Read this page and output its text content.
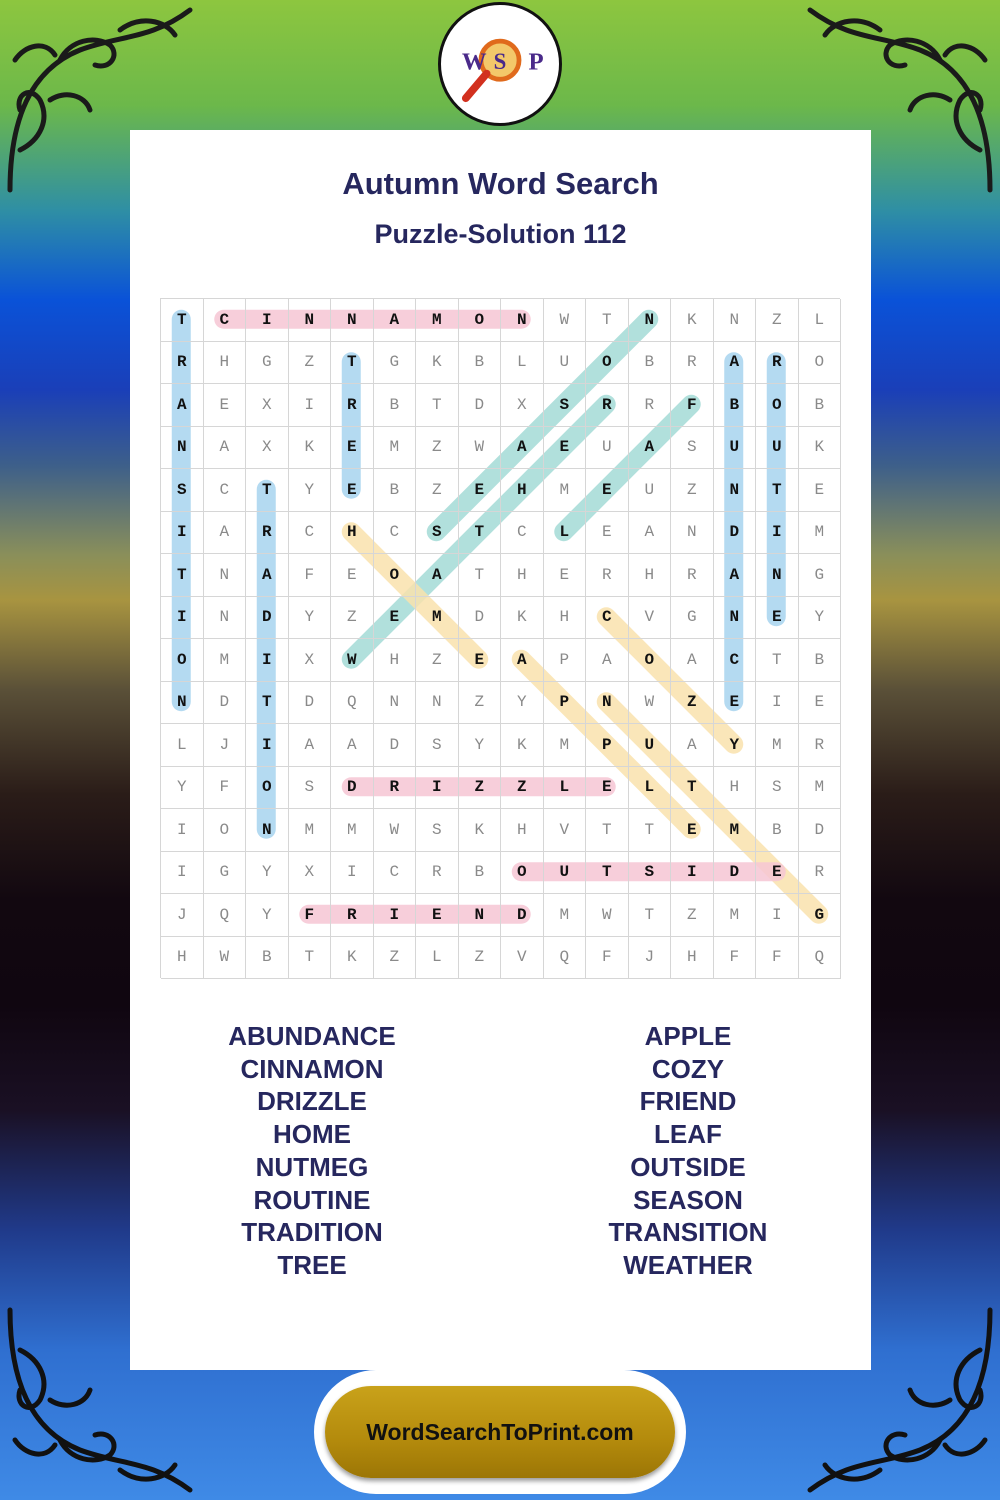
W S P
Autumn Word Search
Puzzle-Solution 112
T	C	I	N	N	A	M	O	N	W	T	N	K	N	Z	L
R	H	G	Z	T	G	K	B	L	U	O	B	R	A	R	O
A	E	X	I	R	B	T	D	X	S	R	R	F	B	O	B
N	A	X	K	E	M	Z	W	A	E	U	A	S	U	U	K
S	C	T	Y	E	B	Z	E	H	M	E	U	Z	N	T	E
I	A	R	C	H	C	S	T	C	L	E	A	N	D	I	M
T	N	A	F	E	O	A	T	H	E	R	H	R	A	N	G
I	N	D	Y	Z	E	M	D	K	H	C	V	G	N	E	Y
O	M	I	X	W	H	Z	E	A	P	A	O	A	C	T	B
N	D	T	D	Q	N	N	Z	Y	P	N	W	Z	E	I	E
L	J	I	A	A	D	S	Y	K	M	P	U	A	Y	M	R
Y	F	O	S	D	R	I	Z	Z	L	E	L	T	H	S	M
I	O	N	M	M	W	S	K	H	V	T	T	E	M	B	D
I	G	Y	X	I	C	R	B	O	U	T	S	I	D	E	R
J	Q	Y	F	R	I	E	N	D	M	W	T	Z	M	I	G
H	W	B	T	K	Z	L	Z	V	Q	F	J	H	F	F	Q
ABUNDANCE
CINNAMON
DRIZZLE
HOME
NUTMEG
ROUTINE
TRADITION
TREE
APPLE
COZY
FRIEND
LEAF
OUTSIDE
SEASON
TRANSITION
WEATHER
WordSearchToPrint.com
